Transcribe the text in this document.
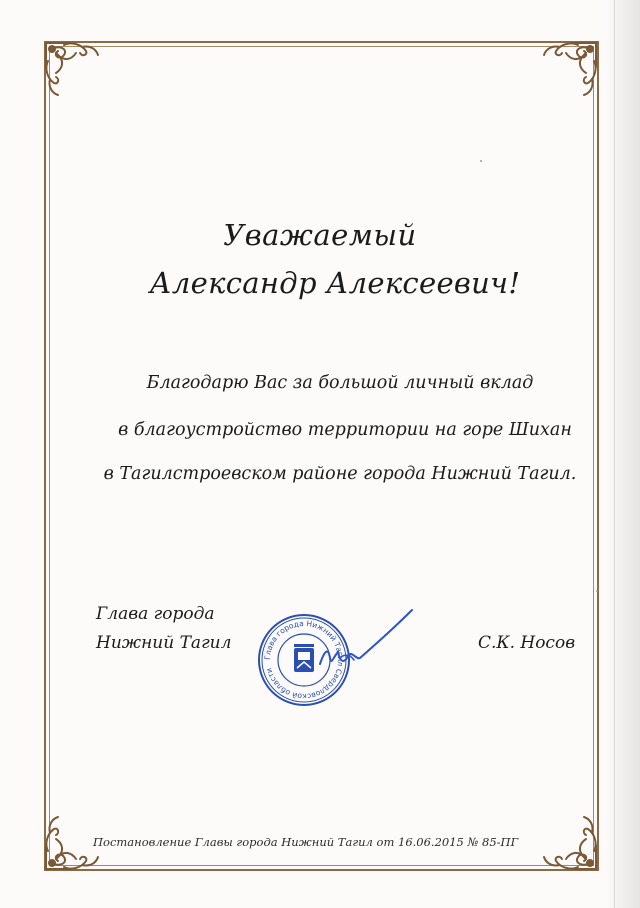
Уважаемый
Александр Алексеевич!
Благодарю Вас за большой личный вклад
в благоустройство территории на горе Шихан
в Тагилстроевском районе города Нижний Тагил.
Глава города
Нижний Тагил
Глава города Нижний Тагил Свердловской области
С.К. Носов
Постановление Главы города Нижний Тагил от 16.06.2015 № 85-ПГ
